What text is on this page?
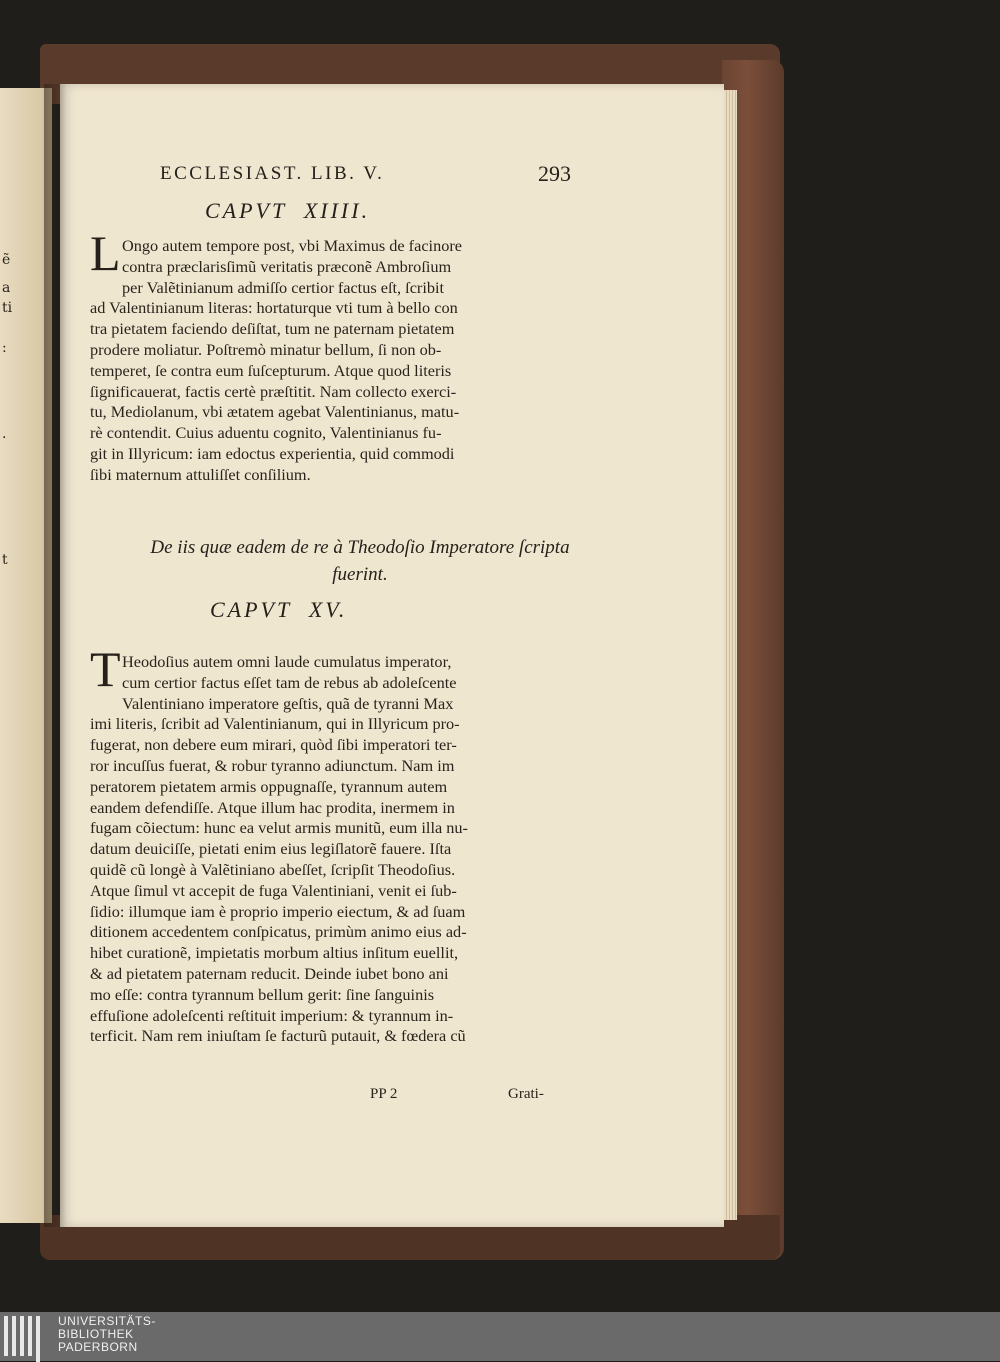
ẽ
a
ti
:
·
t
ECCLESIAST. LIB. V.	293
CAPVT  XIIII.
L Ongo autem tempore post, vbi Maximus de facinore
contra præclarisſimũ veritatis præconẽ Ambroſium
per Valẽtinianum admiſſo certior factus eſt, ſcribit
ad Valentinianum literas: hortaturque vti tum à bello con
tra pietatem faciendo deſiſtat, tum ne paternam pietatem
prodere moliatur. Poſtremò minatur bellum, ſi non ob-
temperet, ſe contra eum ſuſcepturum. Atque quod literis
ſignificauerat, factis certè præſtitit. Nam collecto exerci-
tu, Mediolanum, vbi ætatem agebat Valentinianus, matu-
rè contendit. Cuius aduentu cognito, Valentinianus fu-
git in Illyricum: iam edoctus experientia, quid commodi
ſibi maternum attuliſſet conſilium.
De iis quæ eadem de re à Theodoſio Imperatore ſcripta fuerint.
CAPVT  XV.
T Heodoſius autem omni laude cumulatus imperator,
cum certior factus eſſet tam de rebus ab adoleſcente
Valentiniano imperatore geſtis, quã de tyranni Max
imi literis, ſcribit ad Valentinianum, qui in Illyricum pro-
fugerat, non debere eum mirari, quòd ſibi imperatori ter-
ror incuſſus fuerat, & robur tyranno adiunctum. Nam im
peratorem pietatem armis oppugnaſſe, tyrannum autem
eandem defendiſſe. Atque illum hac prodita, inermem in
fugam cõiectum: hunc ea velut armis munitũ, eum illa nu-
datum deuiciſſe, pietati enim eius legiſlatorẽ fauere. Iſta
quidẽ cũ longè à Valẽtiniano abeſſet, ſcripſit Theodoſius.
Atque ſimul vt accepit de fuga Valentiniani, venit ei ſub-
ſidio: illumque iam è proprio imperio eiectum, & ad ſuam
ditionem accedentem conſpicatus, primùm animo eius ad-
hibet curationẽ, impietatis morbum altius inſitum euellit,
& ad pietatem paternam reducit. Deinde iubet bono ani
mo eſſe: contra tyrannum bellum gerit: ſine ſanguinis
effuſione adoleſcenti reſtituit imperium: & tyrannum in-
terficit. Nam rem iniuſtam ſe facturũ putauit, & fœdera cũ
PP 2	Grati-
UNIVERSITÄTS-
BIBLIOTHEK
PADERBORN
